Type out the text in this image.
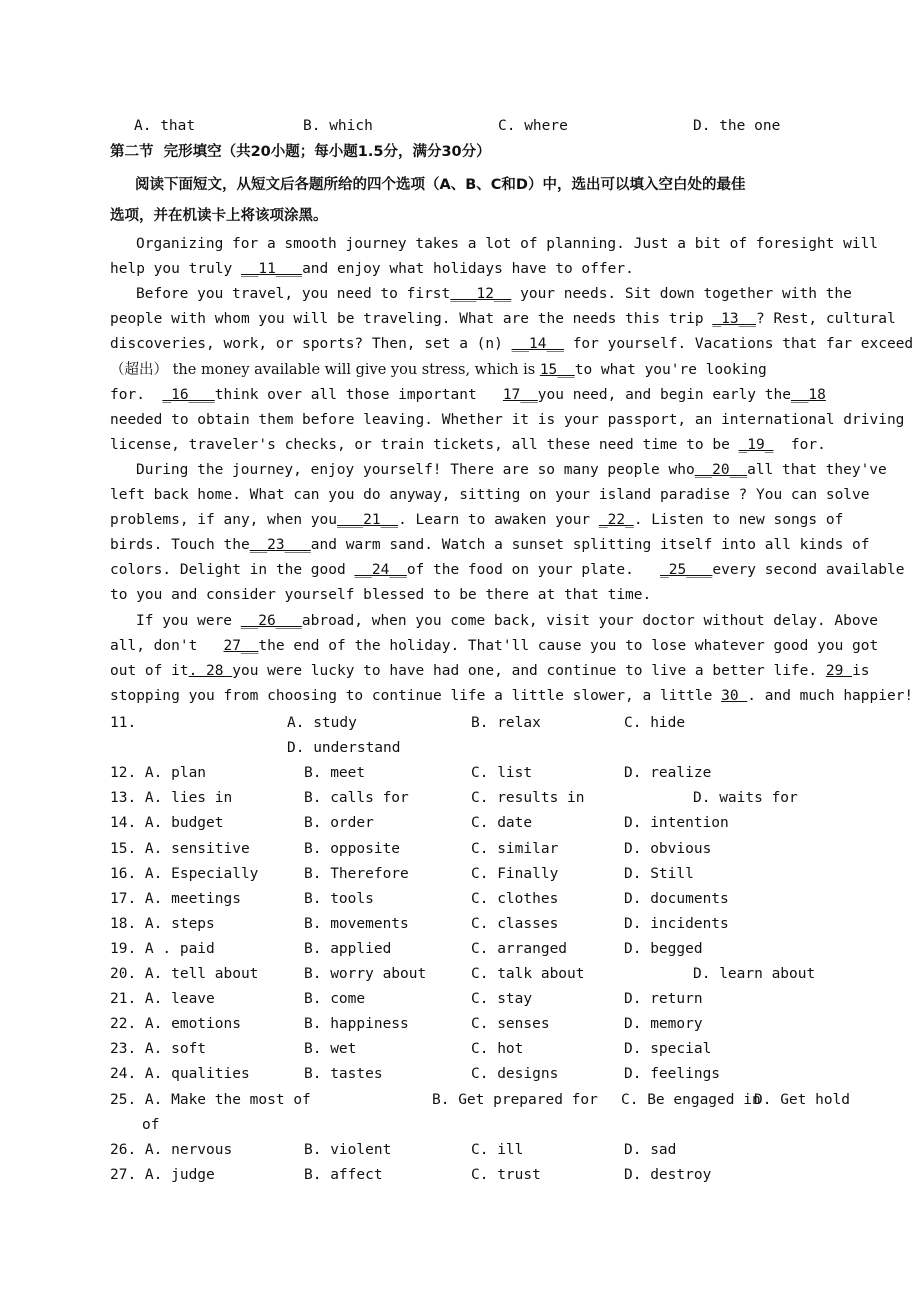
A. that	B. which	C. where	D. the one
第二节  完形填空（共20小题；每小题1.5分，满分30分）
阅读下面短文，从短文后各题所给的四个选项（A、B、C和D）中，选出可以填入空白处的最佳
选项，并在机读卡上将该项涂黑。
Organizing for a smooth journey takes a lot of planning. Just a bit of foresight will
help you truly __11___and enjoy what holidays have to offer.
Before you travel, you need to first___12__ your needs. Sit down together with the
people with whom you will be traveling. What are the needs this trip _13__? Rest, cultural
discoveries, work, or sports? Then, set a (n) __14__ for yourself. Vacations that far exceed
（超出） the money available will give you stress, which is 15__to what you're looking
for.  _16___think over all those important   17__you need, and begin early the__18
needed to obtain them before leaving. Whether it is your passport, an international driving
license, traveler's checks, or train tickets, all these need time to be _19_  for.
During the journey, enjoy yourself! There are so many people who__20__all that they've
left back home. What can you do anyway, sitting on your island paradise ? You can solve
problems, if any, when you___21__. Learn to awaken your _22_. Listen to new songs of
birds. Touch the__23___and warm sand. Watch a sunset splitting itself into all kinds of
colors. Delight in the good __24__of the food on your plate.   _25___every second available
to you and consider yourself blessed to be there at that time.
If you were __26___abroad, when you come back, visit your doctor without delay. Above
all, don't   27__the end of the holiday. That'll cause you to lose whatever good you got
out of it. 28 you were lucky to have had one, and continue to live a better life. 29 is
stopping you from choosing to continue life a little slower, a little 30 . and much happier!
11.	A. study	B. relax	C. hide
D. understand
12. A. plan	B. meet	C. list	D. realize
13. A. lies in	B. calls for	C. results in	D. waits for
14. A. budget	B. order	C. date	D. intention
15. A. sensitive	B. opposite	C. similar	D. obvious
16. A. Especially	B. Therefore	C. Finally	D. Still
17. A. meetings	B. tools	C. clothes	D. documents
18. A. steps	B. movements	C. classes	D. incidents
19. A . paid	B. applied	C. arranged	D. begged
20. A. tell about	B. worry about	C. talk about	D. learn about
21. A. leave	B. come	C. stay	D. return
22. A. emotions	B. happiness	C. senses	D. memory
23. A. soft	B. wet	C. hot	D. special
24. A. qualities	B. tastes	C. designs	D. feelings
25. A. Make the most of	B. Get prepared for C. Be engaged in
D. Get hold
of
26. A. nervous	B. violent	C. ill	D. sad
27. A. judge	B. affect	C. trust	D. destroy
